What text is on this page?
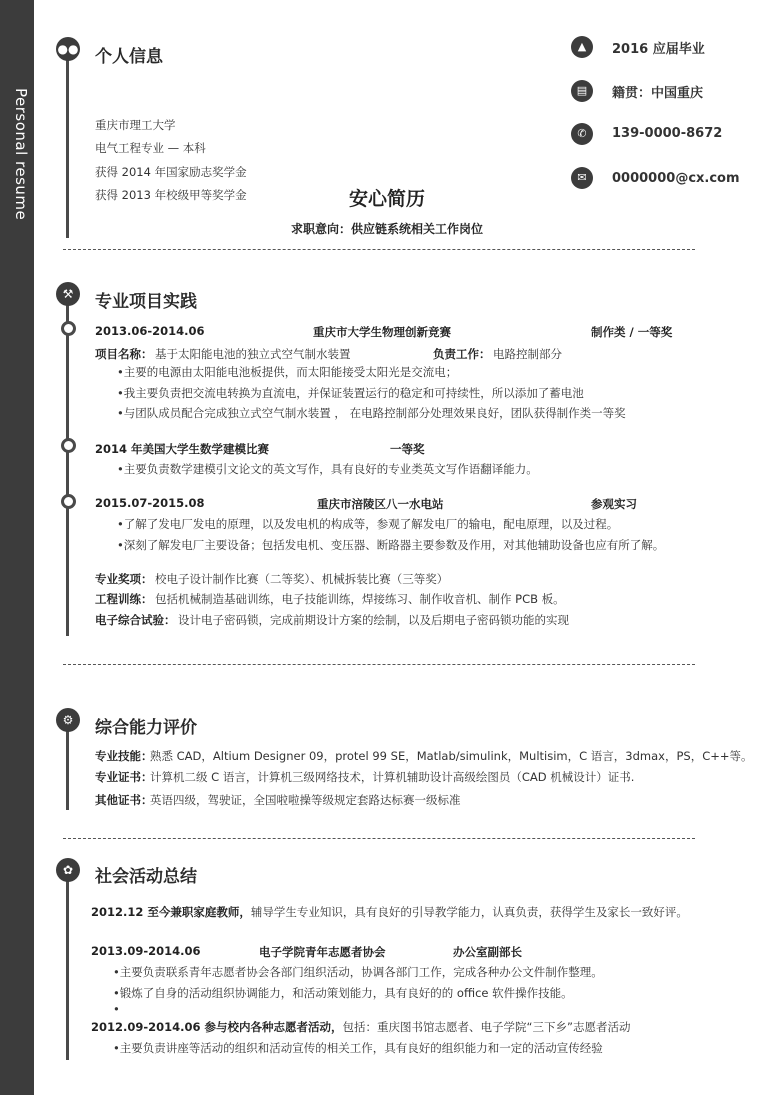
Personal resume
●● 个人信息
重庆市理工大学
电气工程专业 — 本科
获得 2014 年国家励志奖学金
获得 2013 年校级甲等奖学金
▲	2016 应届毕业
▤	籍贯：中国重庆
✆	139-0000-8672
✉	0000000@cx.com
安心简历
求职意向：供应链系统相关工作岗位
⚒	专业项目实践
2013.06-2014.06	重庆市大学生物理创新竞赛	制作类 / 一等奖
项目名称： 基于太阳能电池的独立式空气制水装置	负责工作： 电路控制部分
•主要的电源由太阳能电池板提供，而太阳能接受太阳光是交流电；
•我主要负责把交流电转换为直流电，并保证装置运行的稳定和可持续性，所以添加了蓄电池
•与团队成员配合完成独立式空气制水装置 ， 在电路控制部分处理效果良好，团队获得制作类一等奖
2014 年美国大学生数学建模比赛	一等奖
•主要负责数学建模引文论文的英文写作，具有良好的专业类英文写作语翻译能力。
2015.07-2015.08	重庆市涪陵区八一水电站	参观实习
•了解了发电厂发电的原理，以及发电机的构成等，参观了解发电厂的输电，配电原理，以及过程。
•深刻了解发电厂主要设备；包括发电机、变压器、断路器主要参数及作用，对其他辅助设备也应有所了解。
专业奖项： 校电子设计制作比赛（二等奖）、机械拆装比赛（三等奖）
工程训练： 包括机械制造基础训练，电子技能训练，焊接练习、制作收音机、制作 PCB 板。
电子综合试验： 设计电子密码锁，完成前期设计方案的绘制，以及后期电子密码锁功能的实现
⚙	综合能力评价
专业技能：
熟悉 CAD，Altium Designer 09，protel 99 SE，Matlab/simulink，Multisim，C 语言，3dmax，PS，C++等。
专业证书：
计算机二级 C 语言，计算机三级网络技术，计算机辅助设计高级绘图员（CAD 机械设计）证书.
其他证书：
英语四级，驾驶证，全国啦啦操等级规定套路达标赛一级标准
✿	社会活动总结
2012.12 至今兼职家庭教师，辅导学生专业知识，具有良好的引导教学能力，认真负责，获得学生及家长一致好评。
2013.09-2014.06	电子学院青年志愿者协会	办公室副部长
•主要负责联系青年志愿者协会各部门组织活动，协调各部门工作，完成各种办公文件制作整理。
•锻炼了自身的活动组织协调能力，和活动策划能力，具有良好的的 office 软件操作技能。
•
2012.09-2014.06 参与校内各种志愿者活动，包括：重庆图书馆志愿者、电子学院“三下乡”志愿者活动
•主要负责讲座等活动的组织和活动宣传的相关工作，具有良好的组织能力和一定的活动宣传经验
